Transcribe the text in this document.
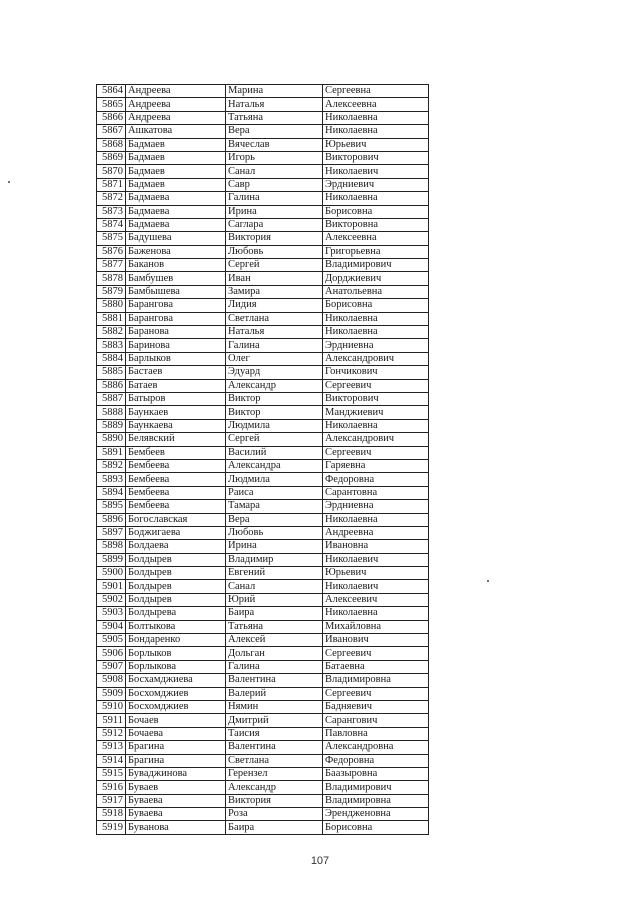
5864	Андреева	Марина	Сергеевна
5865	Андреева	Наталья	Алексеевна
5866	Андреева	Татьяна	Николаевна
5867	Ашкатова	Вера	Николаевна
5868	Бадмаев	Вячеслав	Юрьевич
5869	Бадмаев	Игорь	Викторович
5870	Бадмаев	Санал	Николаевич
5871	Бадмаев	Савр	Эрдниевич
5872	Бадмаева	Галина	Николаевна
5873	Бадмаева	Ирина	Борисовна
5874	Бадмаева	Саглара	Викторовна
5875	Бадушева	Виктория	Алексеевна
5876	Баженова	Любовь	Григорьевна
5877	Баканов	Сергей	Владимирович
5878	Бамбушев	Иван	Дорджиевич
5879	Бамбышева	Замира	Анатольевна
5880	Барангова	Лидия	Борисовна
5881	Барангова	Светлана	Николаевна
5882	Баранова	Наталья	Николаевна
5883	Баринова	Галина	Эрдниевна
5884	Барлыков	Олег	Александрович
5885	Бастаев	Эдуард	Гончикович
5886	Батаев	Александр	Сергеевич
5887	Батыров	Виктор	Викторович
5888	Баункаев	Виктор	Манджиевич
5889	Баункаева	Людмила	Николаевна
5890	Белявский	Сергей	Александрович
5891	Бембеев	Василий	Сергеевич
5892	Бембеева	Александра	Гаряевна
5893	Бембеева	Людмила	Федоровна
5894	Бембеева	Раиса	Сарантовна
5895	Бембеева	Тамара	Эрдниевна
5896	Богославская	Вера	Николаевна
5897	Боджигаева	Любовь	Андреевна
5898	Болдаева	Ирина	Ивановна
5899	Болдырев	Владимир	Николаевич
5900	Болдырев	Евгений	Юрьевич
5901	Болдырев	Санал	Николаевич
5902	Болдырев	Юрий	Алексеевич
5903	Болдырева	Баира	Николаевна
5904	Болтыкова	Татьяна	Михайловна
5905	Бондаренко	Алексей	Иванович
5906	Борлыков	Дольган	Сергеевич
5907	Борлыкова	Галина	Батаевна
5908	Босхамджиева	Валентина	Владимировна
5909	Босхомджиев	Валерий	Сергеевич
5910	Босхомджиев	Нямин	Бадняевич
5911	Бочаев	Дмитрий	Сарангович
5912	Бочаева	Таисия	Павловна
5913	Брагина	Валентина	Александровна
5914	Брагина	Светлана	Федоровна
5915	Буваджинова	Герензел	Баазыровна
5916	Буваев	Александр	Владимирович
5917	Буваева	Виктория	Владимировна
5918	Буваева	Роза	Эрендженовна
5919	Буванова	Баира	Борисовна
107
